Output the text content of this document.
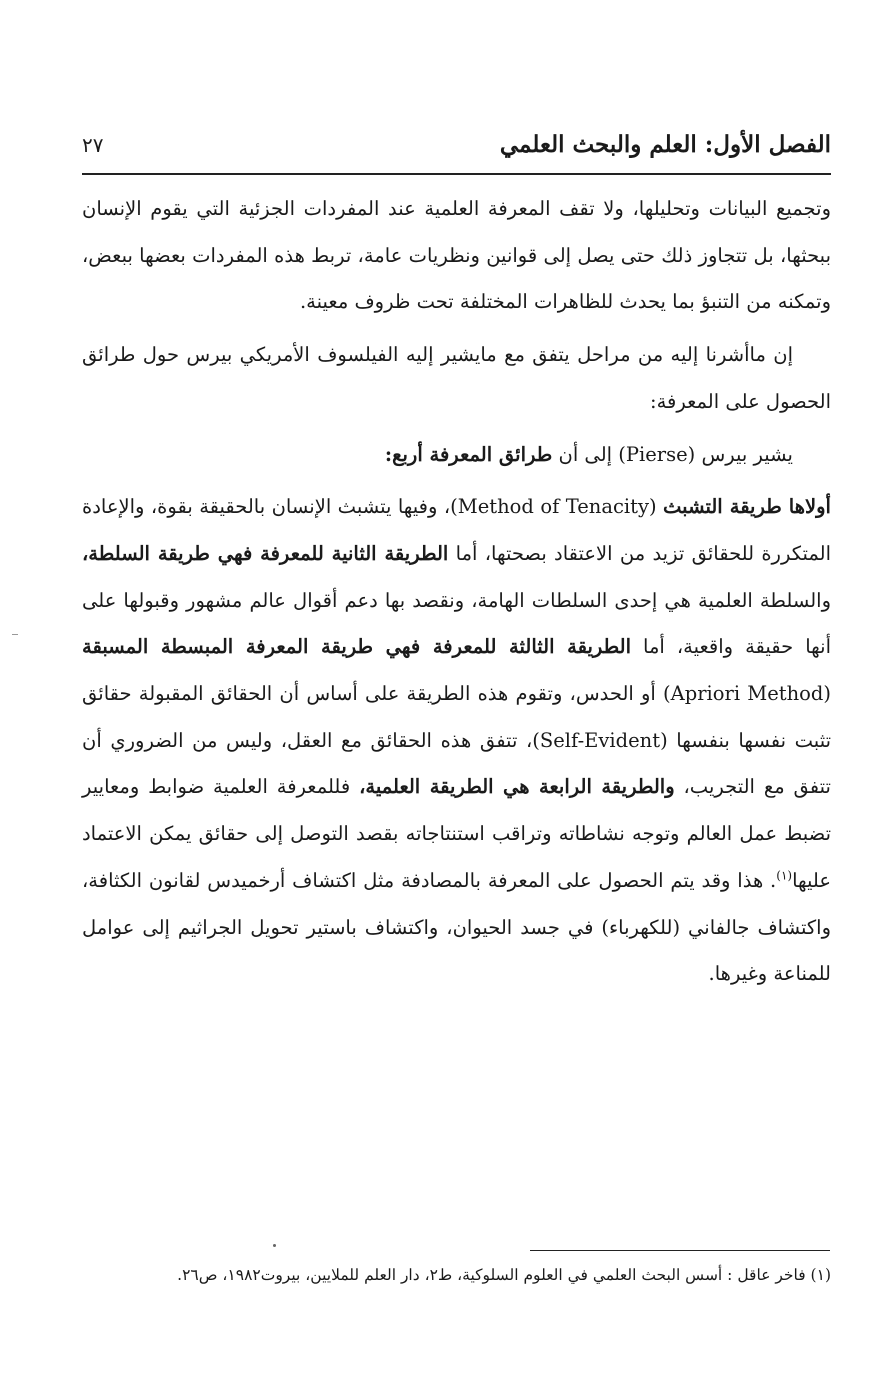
الفصل الأول: العلم والبحث العلمي
٢٧

وتجميع البيانات وتحليلها، ولا تقف المعرفة العلمية عند المفردات الجزئية التي يقوم الإنسان ببحثها، بل تتجاوز ذلك حتى يصل إلى قوانين ونظريات عامة، تربط هذه المفردات بعضها ببعض، وتمكنه من التنبؤ بما يحدث للظاهرات المختلفة تحت ظروف معينة.

إن ماأشرنا إليه من مراحل يتفق مع مايشير إليه الفيلسوف الأمريكي بيرس حول طرائق الحصول على المعرفة:

يشير بيرس (Pierse) إلى أن طرائق المعرفة أربع:

أولاها طريقة التشبث (Method of Tenacity)، وفيها يتشبث الإنسان بالحقيقة بقوة، والإعادة المتكررة للحقائق تزيد من الاعتقاد بصحتها، أما الطريقة الثانية للمعرفة فهي طريقة السلطة، والسلطة العلمية هي إحدى السلطات الهامة، ونقصد بها دعم أقوال عالم مشهور وقبولها على أنها حقيقة واقعية، أما الطريقة الثالثة للمعرفة فهي طريقة المعرفة المبسطة المسبقة (Apriori Method) أو الحدس، وتقوم هذه الطريقة على أساس أن الحقائق المقبولة حقائق تثبت نفسها بنفسها (Self-Evident)، تتفق هذه الحقائق مع العقل، وليس من الضروري أن تتفق مع التجريب، والطريقة الرابعة هي الطريقة العلمية، فللمعرفة العلمية ضوابط ومعايير تضبط عمل العالم وتوجه نشاطاته وتراقب استنتاجاته بقصد التوصل إلى حقائق يمكن الاعتماد عليها$^{(١)}$. هذا وقد يتم الحصول على المعرفة بالمصادفة مثل اكتشاف أرخميدس لقانون الكثافة، واكتشاف جالفاني (للكهرباء) في جسد الحيوان، واكتشاف باستير تحويل الجراثيم إلى عوامل للمناعة وغيرها.

(١) فاخر عاقل : أسس البحث العلمي في العلوم السلوكية، ط٢، دار العلم للملايين، بيروت١٩٨٢، ص٢٦.
